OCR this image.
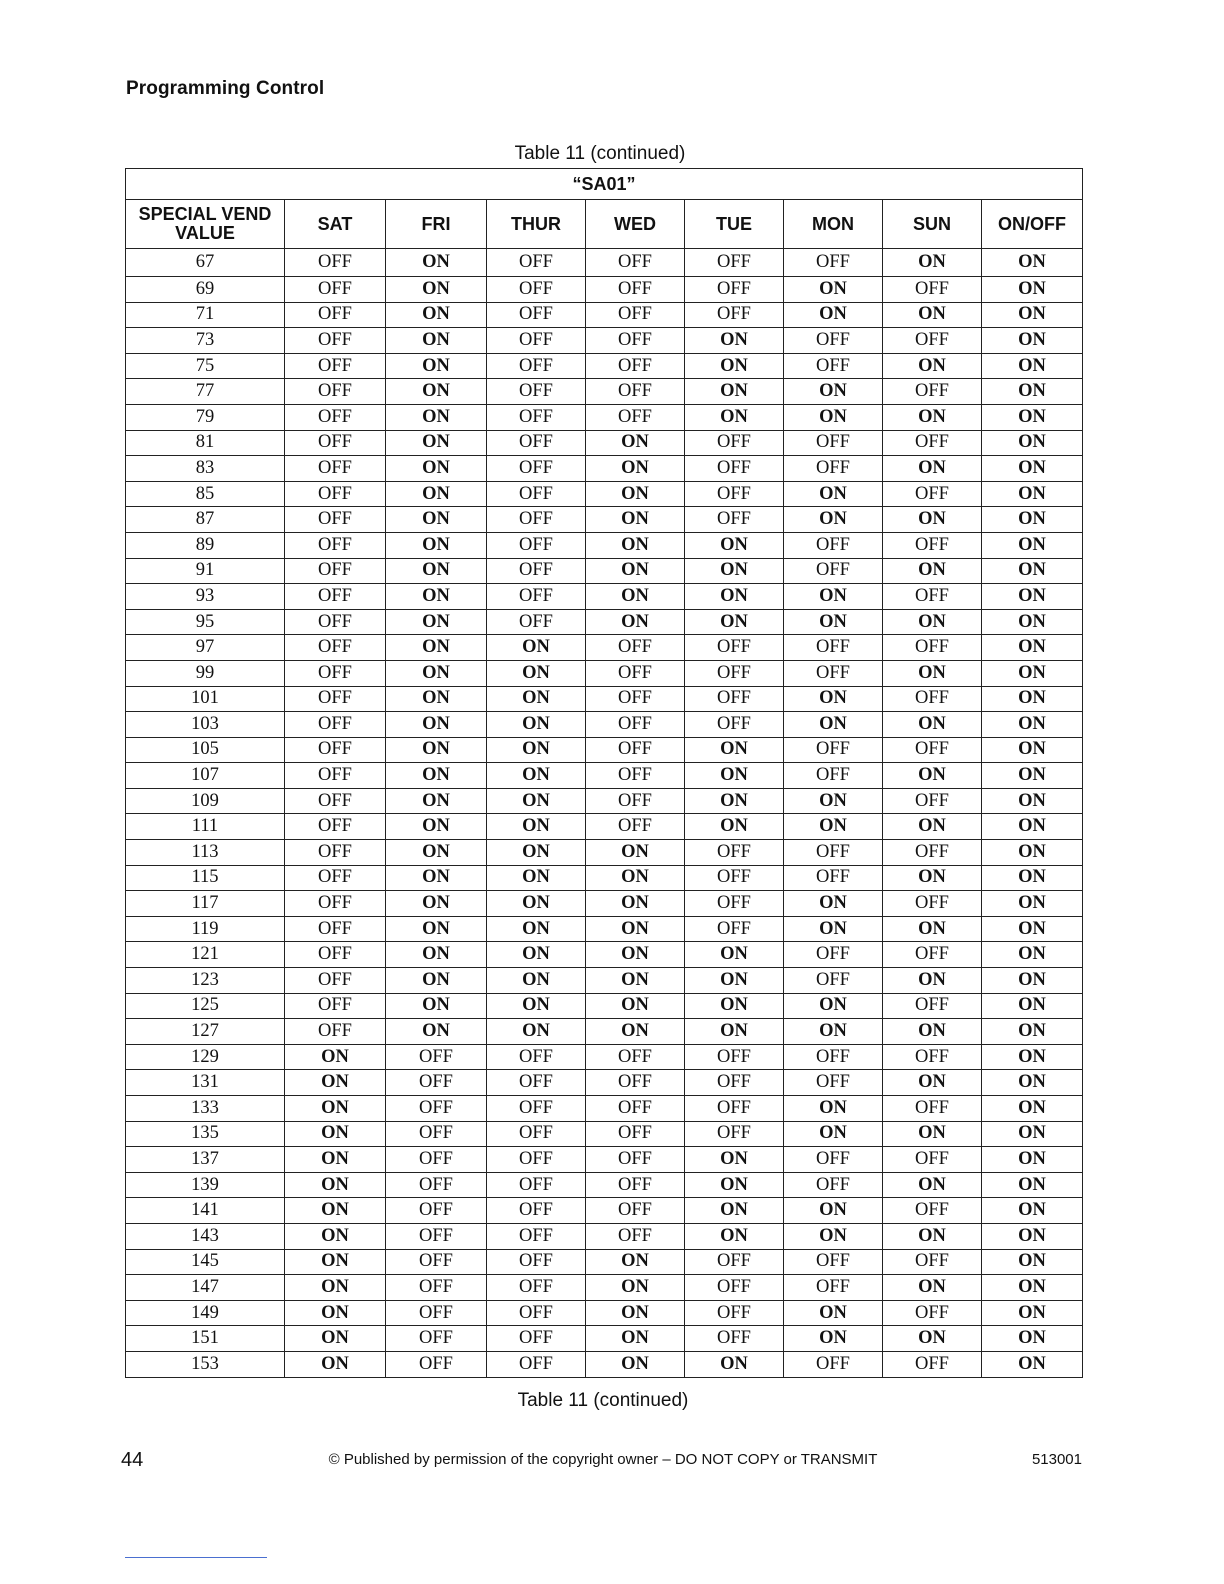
Programming Control
Table 11 (continued)
“SA01”								
SPECIAL VEND VALUE	SAT	FRI	THUR	WED	TUE	MON	SUN	ON/OFF
67	OFF	ON	OFF	OFF	OFF	OFF	ON	ON
69	OFF	ON	OFF	OFF	OFF	ON	OFF	ON
71	OFF	ON	OFF	OFF	OFF	ON	ON	ON
73	OFF	ON	OFF	OFF	ON	OFF	OFF	ON
75	OFF	ON	OFF	OFF	ON	OFF	ON	ON
77	OFF	ON	OFF	OFF	ON	ON	OFF	ON
79	OFF	ON	OFF	OFF	ON	ON	ON	ON
81	OFF	ON	OFF	ON	OFF	OFF	OFF	ON
83	OFF	ON	OFF	ON	OFF	OFF	ON	ON
85	OFF	ON	OFF	ON	OFF	ON	OFF	ON
87	OFF	ON	OFF	ON	OFF	ON	ON	ON
89	OFF	ON	OFF	ON	ON	OFF	OFF	ON
91	OFF	ON	OFF	ON	ON	OFF	ON	ON
93	OFF	ON	OFF	ON	ON	ON	OFF	ON
95	OFF	ON	OFF	ON	ON	ON	ON	ON
97	OFF	ON	ON	OFF	OFF	OFF	OFF	ON
99	OFF	ON	ON	OFF	OFF	OFF	ON	ON
101	OFF	ON	ON	OFF	OFF	ON	OFF	ON
103	OFF	ON	ON	OFF	OFF	ON	ON	ON
105	OFF	ON	ON	OFF	ON	OFF	OFF	ON
107	OFF	ON	ON	OFF	ON	OFF	ON	ON
109	OFF	ON	ON	OFF	ON	ON	OFF	ON
111	OFF	ON	ON	OFF	ON	ON	ON	ON
113	OFF	ON	ON	ON	OFF	OFF	OFF	ON
115	OFF	ON	ON	ON	OFF	OFF	ON	ON
117	OFF	ON	ON	ON	OFF	ON	OFF	ON
119	OFF	ON	ON	ON	OFF	ON	ON	ON
121	OFF	ON	ON	ON	ON	OFF	OFF	ON
123	OFF	ON	ON	ON	ON	OFF	ON	ON
125	OFF	ON	ON	ON	ON	ON	OFF	ON
127	OFF	ON	ON	ON	ON	ON	ON	ON
129	ON	OFF	OFF	OFF	OFF	OFF	OFF	ON
131	ON	OFF	OFF	OFF	OFF	OFF	ON	ON
133	ON	OFF	OFF	OFF	OFF	ON	OFF	ON
135	ON	OFF	OFF	OFF	OFF	ON	ON	ON
137	ON	OFF	OFF	OFF	ON	OFF	OFF	ON
139	ON	OFF	OFF	OFF	ON	OFF	ON	ON
141	ON	OFF	OFF	OFF	ON	ON	OFF	ON
143	ON	OFF	OFF	OFF	ON	ON	ON	ON
145	ON	OFF	OFF	ON	OFF	OFF	OFF	ON
147	ON	OFF	OFF	ON	OFF	OFF	ON	ON
149	ON	OFF	OFF	ON	OFF	ON	OFF	ON
151	ON	OFF	OFF	ON	OFF	ON	ON	ON
153	ON	OFF	OFF	ON	ON	OFF	OFF	ON
Table 11 (continued)
44	© Published by permission of the copyright owner – DO NOT COPY or TRANSMIT	513001
